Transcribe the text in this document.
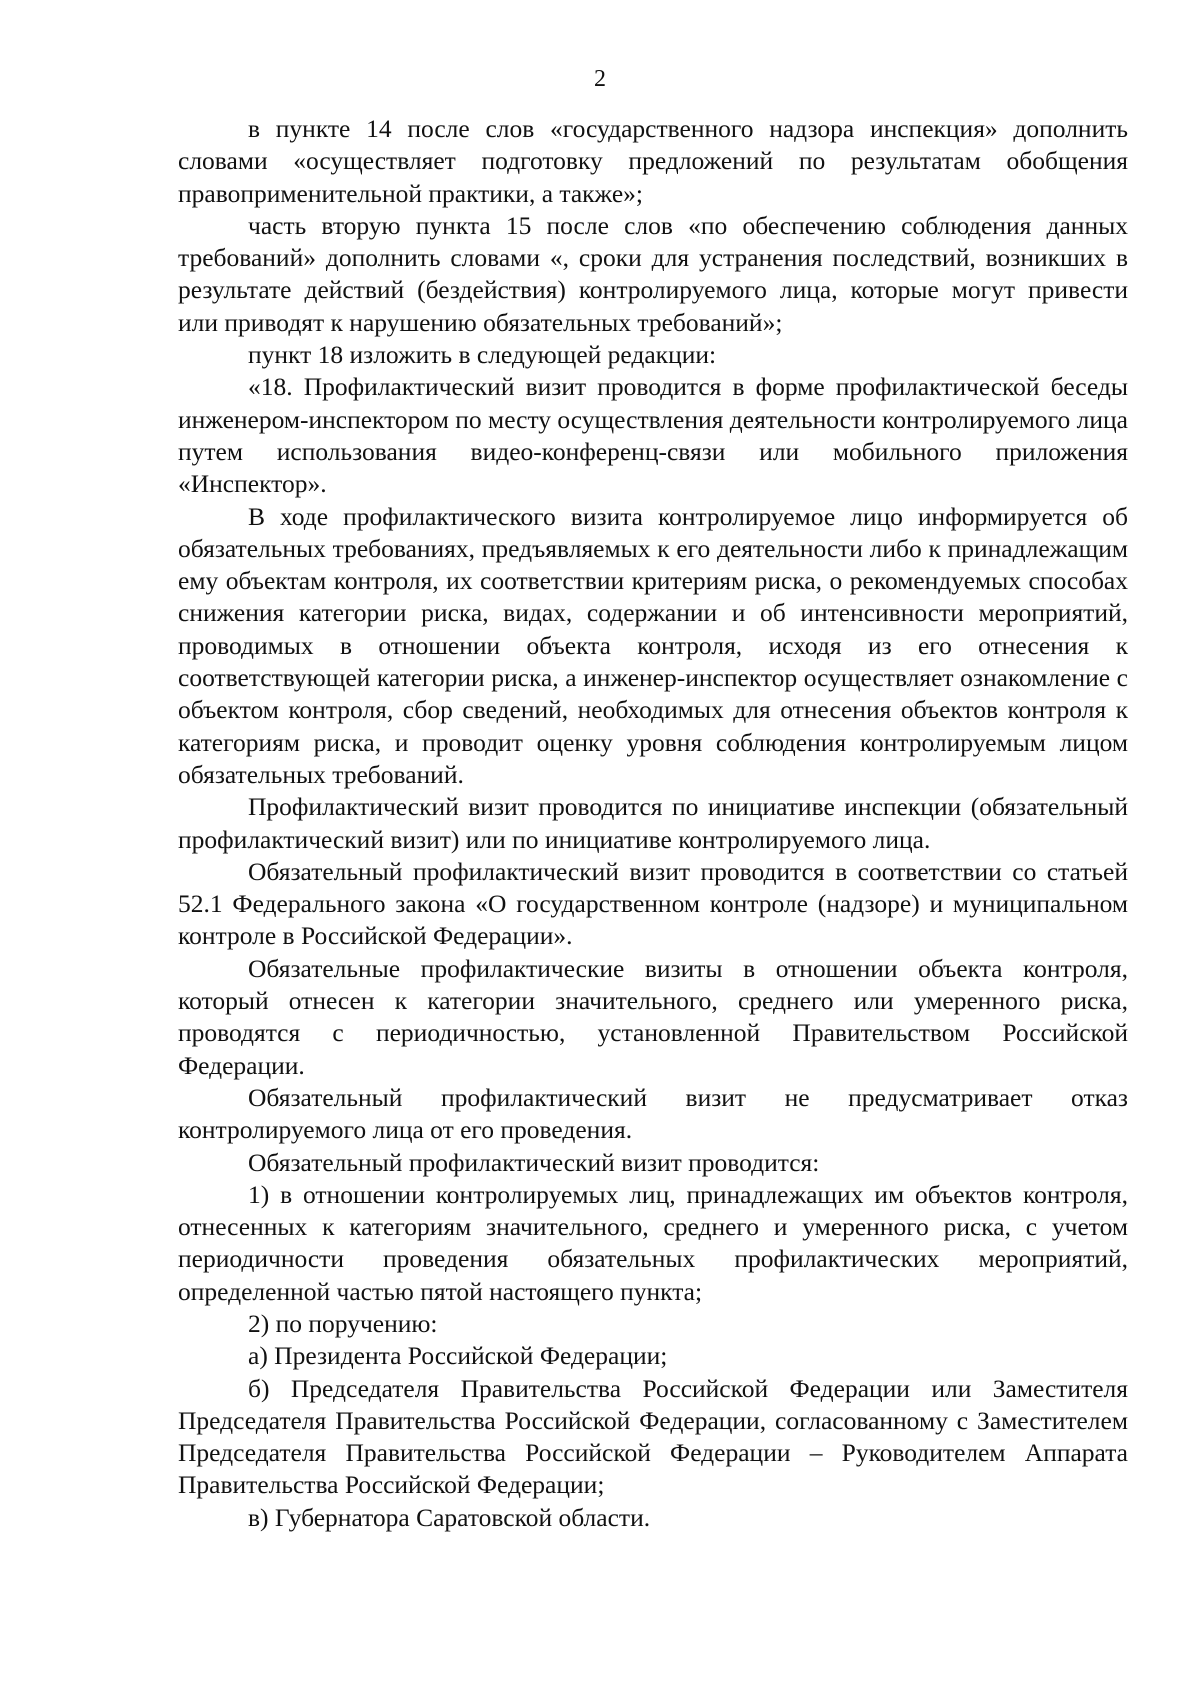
2

в пункте 14 после слов «государственного надзора инспекция» дополнить словами «осуществляет подготовку предложений по результатам обобщения правоприменительной практики, а также»;

часть вторую пункта 15 после слов «по обеспечению соблюдения данных требований» дополнить словами «, сроки для устранения последствий, возникших в результате действий (бездействия) контролируемого лица, которые могут привести или приводят к нарушению обязательных требований»;

пункт 18 изложить в следующей редакции:

«18. Профилактический визит проводится в форме профилактической беседы инженером-инспектором по месту осуществления деятельности контролируемого лица путем использования видео-конференц-связи или мобильного приложения «Инспектор».

В ходе профилактического визита контролируемое лицо информируется об обязательных требованиях, предъявляемых к его деятельности либо к принадлежащим ему объектам контроля, их соответствии критериям риска, о рекомендуемых способах снижения категории риска, видах, содержании и об интенсивности мероприятий, проводимых в отношении объекта контроля, исходя из его отнесения к соответствующей категории риска, а инженер-инспектор осуществляет ознакомление с объектом контроля, сбор сведений, необходимых для отнесения объектов контроля к категориям риска, и проводит оценку уровня соблюдения контролируемым лицом обязательных требований.

Профилактический визит проводится по инициативе инспекции (обязательный профилактический визит) или по инициативе контролируемого лица.

Обязательный профилактический визит проводится в соответствии со статьей 52.1 Федерального закона «О государственном контроле (надзоре) и муниципальном контроле в Российской Федерации».

Обязательные профилактические визиты в отношении объекта контроля, который отнесен к категории значительного, среднего или умеренного риска, проводятся с периодичностью, установленной Правительством Российской Федерации.

Обязательный профилактический визит не предусматривает отказ контролируемого лица от его проведения.

Обязательный профилактический визит проводится:

1) в отношении контролируемых лиц, принадлежащих им объектов контроля, отнесенных к категориям значительного, среднего и умеренного риска, с учетом периодичности проведения обязательных профилактических мероприятий, определенной частью пятой настоящего пункта;

2) по поручению:

а) Президента Российской Федерации;

б) Председателя Правительства Российской Федерации или Заместителя Председателя Правительства Российской Федерации, согласованному с Заместителем Председателя Правительства Российской Федерации – Руководителем Аппарата Правительства Российской Федерации;

в) Губернатора Саратовской области.
